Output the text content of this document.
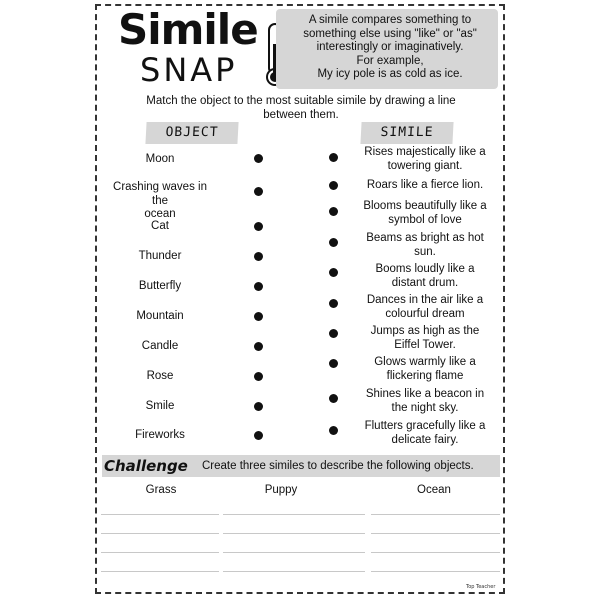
Simile
SNAP
A simile compares something to
something else using "like" or "as"
interestingly or imaginatively.
For example,
My icy pole is as cold as ice.
Match the object to the most suitable simile by drawing a line
between them.
OBJECT	SIMILE
Moon
Crashing waves in the
ocean
Cat
Thunder
Butterfly
Mountain
Candle
Rose
Smile
Fireworks
Rises majestically like a
towering giant.
Roars like a fierce lion.
Blooms beautifully like a
symbol of love
Beams as bright as hot
sun.
Booms loudly like a
distant drum.
Dances in the air like a
colourful dream
Jumps as high as the
Eiffel Tower.
Glows warmly like a
flickering flame
Shines like a beacon in
the night sky.
Flutters gracefully like a
delicate fairy.
Challenge Create three similes to describe the following objects.
Grass	Puppy	Ocean
Top Teacher
